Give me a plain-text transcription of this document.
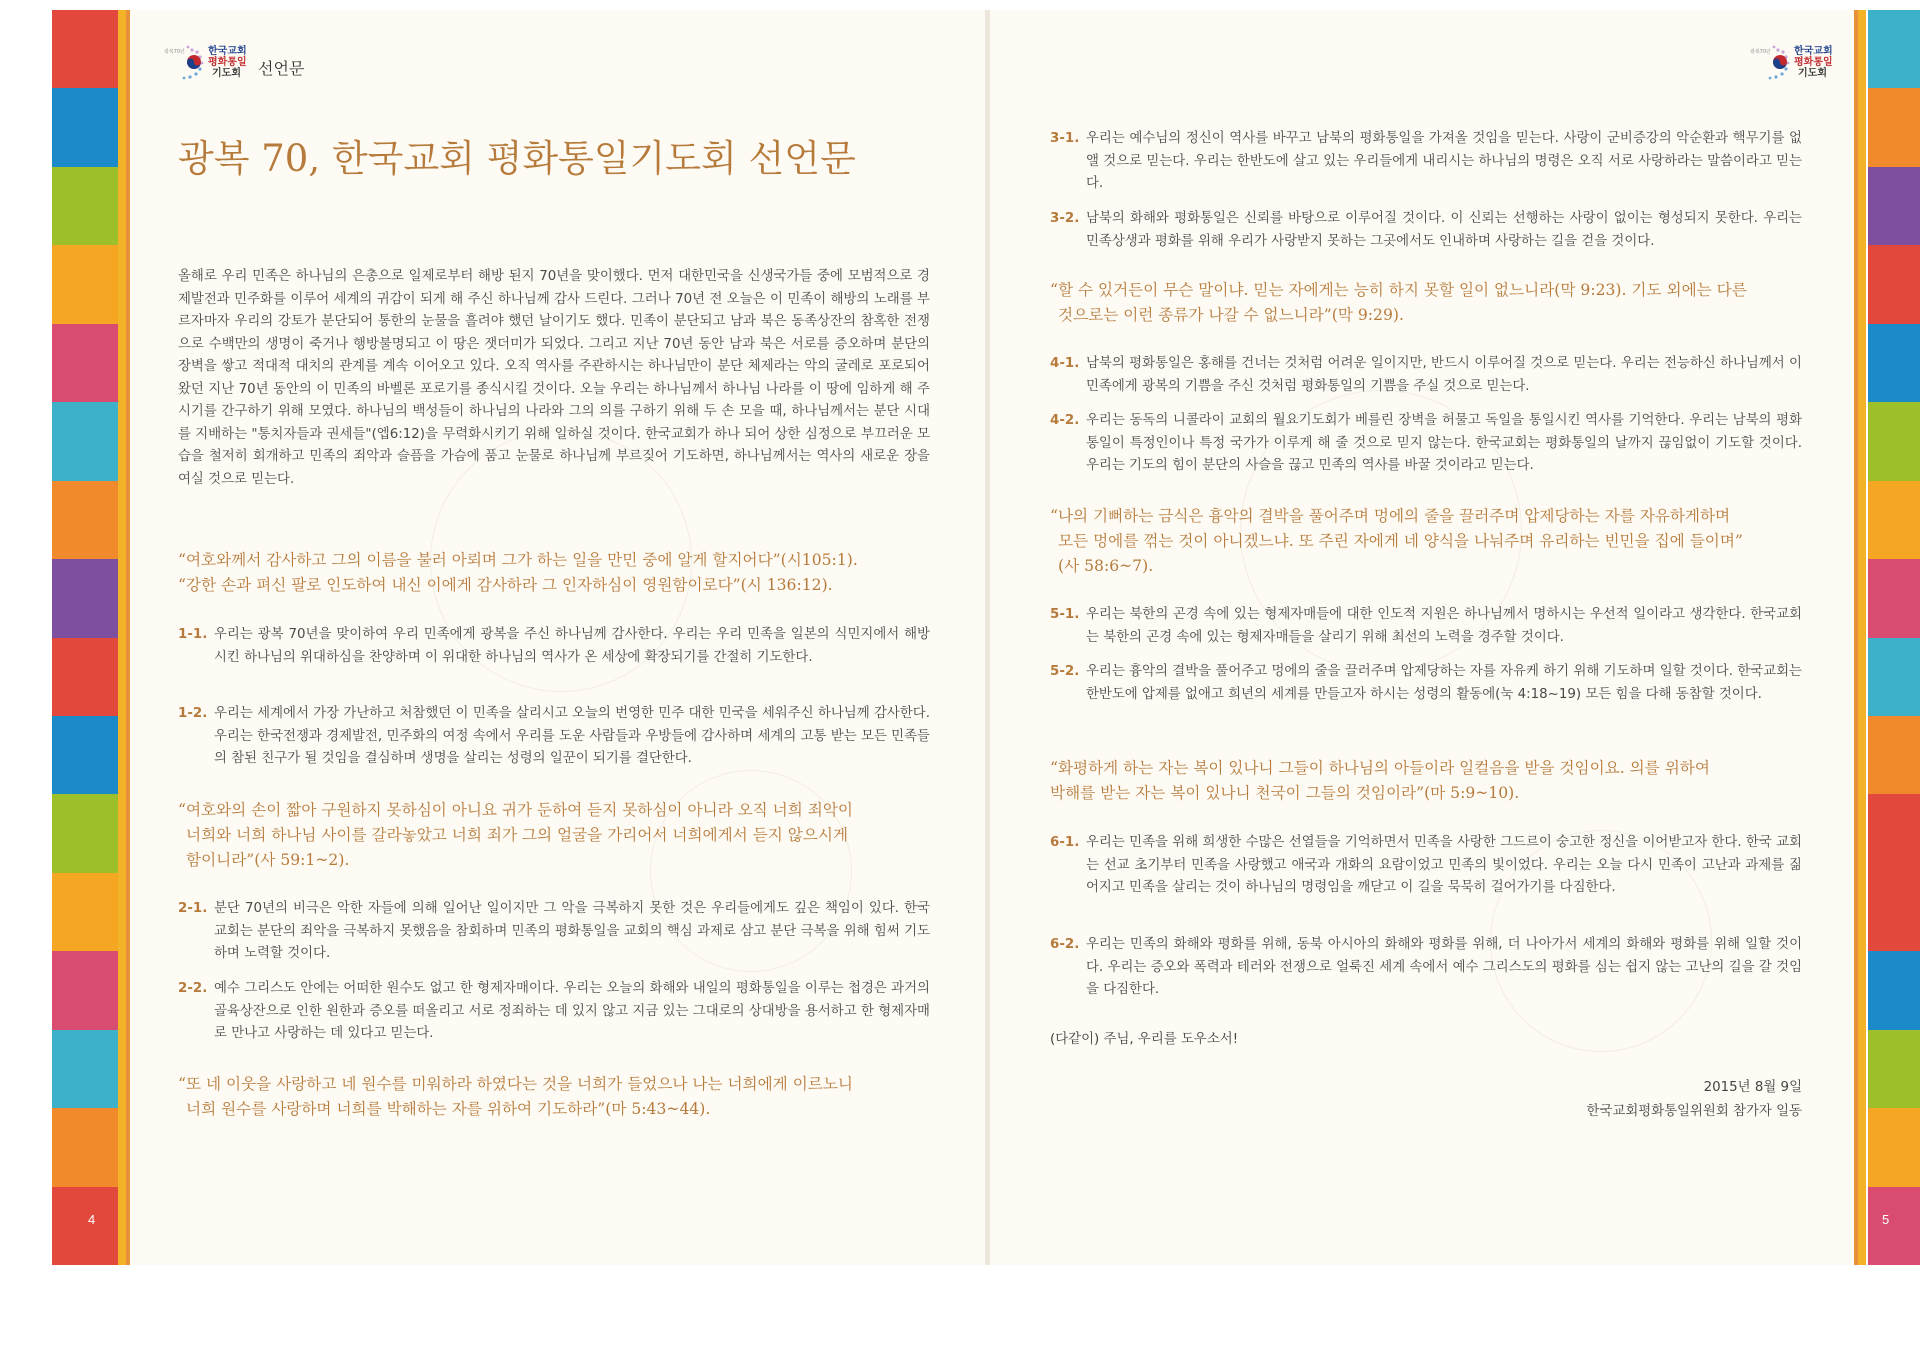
광복70년 한국교회
평화통일
기도회	선언문
광복70년 한국교회
평화통일
기도회
광복 70, 한국교회 평화통일기도회 선언문
올해로 우리 민족은 하나님의 은총으로 일제로부터 해방 된지 70년을 맞이했다. 먼저 대한민국을 신생국가들 중에 모범적으로 경제발전과 민주화를 이루어 세계의 귀감이 되게 해 주신 하나님께 감사 드린다. 그러나 70년 전 오늘은 이 민족이 해방의 노래를 부르자마자 우리의 강토가 분단되어 통한의 눈물을 흘려야 했던 날이기도 했다. 민족이 분단되고 남과 북은 동족상잔의 참혹한 전쟁으로 수백만의 생명이 죽거나 행방불명되고 이 땅은 잿더미가 되었다. 그리고 지난 70년 동안 남과 북은 서로를 증오하며 분단의 장벽을 쌓고 적대적 대치의 관계를 계속 이어오고 있다. 오직 역사를 주관하시는 하나님만이 분단 체제라는 악의 굴레로 포로되어 왔던 지난 70년 동안의 이 민족의 바벨론 포로기를 종식시킬 것이다. 오늘 우리는 하나님께서 하나님 나라를 이 땅에 임하게 해 주시기를 간구하기 위해 모였다. 하나님의 백성들이 하나님의 나라와 그의 의를 구하기 위해 두 손 모을 때, 하나님께서는 분단 시대를 지배하는 "통치자들과 권세들"(엡6:12)을 무력화시키기 위해 일하실 것이다. 한국교회가 하나 되어 상한 심정으로 부끄러운 모습을 철저히 회개하고 민족의 죄악과 슬픔을 가슴에 품고 눈물로 하나님께 부르짖어 기도하면, 하나님께서는 역사의 새로운 장을 여실 것으로 믿는다.
“여호와께서 감사하고 그의 이름을 불러 아뢰며 그가 하는 일을 만민 중에 알게 할지어다”(시105:1).
“강한 손과 펴신 팔로 인도하여 내신 이에게 감사하라 그 인자하심이 영원함이로다”(시 136:12).
1-1. 우리는 광복 70년을 맞이하여 우리 민족에게 광복을 주신 하나님께 감사한다. 우리는 우리 민족을 일본의 식민지에서 해방시킨 하나님의 위대하심을 찬양하며 이 위대한 하나님의 역사가 온 세상에 확장되기를 간절히 기도한다.
1-2. 우리는 세계에서 가장 가난하고 처참했던 이 민족을 살리시고 오늘의 번영한 민주 대한 민국을 세워주신 하나님께 감사한다. 우리는 한국전쟁과 경제발전, 민주화의 여정 속에서 우리를 도운 사람들과 우방들에 감사하며 세계의 고통 받는 모든 민족들의 참된 친구가 될 것임을 결심하며 생명을 살리는 성령의 일꾼이 되기를 결단한다.
“여호와의 손이 짧아 구원하지 못하심이 아니요 귀가 둔하여 듣지 못하심이 아니라 오직 너희 죄악이
너희와 너희 하나님 사이를 갈라놓았고 너희 죄가 그의 얼굴을 가리어서 너희에게서 듣지 않으시게
함이니라”(사 59:1~2).
2-1. 분단 70년의 비극은 악한 자들에 의해 일어난 일이지만 그 악을 극복하지 못한 것은 우리들에게도 깊은 책임이 있다. 한국 교회는 분단의 죄악을 극복하지 못했음을 참회하며 민족의 평화통일을 교회의 핵심 과제로 삼고 분단 극복을 위해 힘써 기도하며 노력할 것이다.
2-2. 예수 그리스도 안에는 어떠한 원수도 없고 한 형제자매이다. 우리는 오늘의 화해와 내일의 평화통일을 이루는 첩경은 과거의 골육상잔으로 인한 원한과 증오를 떠올리고 서로 정죄하는 데 있지 않고 지금 있는 그대로의 상대방을 용서하고 한 형제자매로 만나고 사랑하는 데 있다고 믿는다.
“또 네 이웃을 사랑하고 네 원수를 미워하라 하였다는 것을 너희가 들었으나 나는 너희에게 이르노니
너희 원수를 사랑하며 너희를 박해하는 자를 위하여 기도하라”(마 5:43~44).
4
3-1. 우리는 예수님의 정신이 역사를 바꾸고 남북의 평화통일을 가져올 것임을 믿는다. 사랑이 군비증강의 악순환과 핵무기를 없앨 것으로 믿는다. 우리는 한반도에 살고 있는 우리들에게 내리시는 하나님의 명령은 오직 서로 사랑하라는 말씀이라고 믿는다.
3-2. 남북의 화해와 평화통일은 신뢰를 바탕으로 이루어질 것이다. 이 신뢰는 선행하는 사랑이 없이는 형성되지 못한다. 우리는 민족상생과 평화를 위해 우리가 사랑받지 못하는 그곳에서도 인내하며 사랑하는 길을 걷을 것이다.
“할 수 있거든이 무슨 말이냐. 믿는 자에게는 능히 하지 못할 일이 없느니라(막 9:23). 기도 외에는 다른
것으로는 이런 종류가 나갈 수 없느니라”(막 9:29).
4-1. 남북의 평화통일은 홍해를 건너는 것처럼 어려운 일이지만, 반드시 이루어질 것으로 믿는다. 우리는 전능하신 하나님께서 이 민족에게 광복의 기쁨을 주신 것처럼 평화통일의 기쁨을 주실 것으로 믿는다.
4-2. 우리는 동독의 니콜라이 교회의 월요기도회가 베를린 장벽을 허물고 독일을 통일시킨 역사를 기억한다. 우리는 남북의 평화통일이 특정인이나 특정 국가가 이루게 해 줄 것으로 믿지 않는다. 한국교회는 평화통일의 날까지 끊임없이 기도할 것이다. 우리는 기도의 힘이 분단의 사슬을 끊고 민족의 역사를 바꿀 것이라고 믿는다.
“나의 기뻐하는 금식은 흉악의 결박을 풀어주며 멍에의 줄을 끌러주며 압제당하는 자를 자유하게하며
모든 멍에를 꺾는 것이 아니겠느냐. 또 주린 자에게 네 양식을 나눠주며 유리하는 빈민을 집에 들이며”
(사 58:6~7).
5-1. 우리는 북한의 곤경 속에 있는 형제자매들에 대한 인도적 지원은 하나님께서 명하시는 우선적 일이라고 생각한다. 한국교회는 북한의 곤경 속에 있는 형제자매들을 살리기 위해 최선의 노력을 경주할 것이다.
5-2. 우리는 흉악의 결박을 풀어주고 멍에의 줄을 끌러주며 압제당하는 자를 자유케 하기 위해 기도하며 일할 것이다. 한국교회는 한반도에 압제를 없애고 희년의 세계를 만들고자 하시는 성령의 활동에(눅 4:18~19) 모든 힘을 다해 동참할 것이다.
“화평하게 하는 자는 복이 있나니 그들이 하나님의 아들이라 일컬음을 받을 것임이요. 의를 위하여
박해를 받는 자는 복이 있나니 천국이 그들의 것임이라”(마 5:9~10).
6-1. 우리는 민족을 위해 희생한 수많은 선열들을 기억하면서 민족을 사랑한 그드르이 숭고한 정신을 이어받고자 한다. 한국 교회는 선교 초기부터 민족을 사랑했고 애국과 개화의 요람이었고 민족의 빛이었다. 우리는 오늘 다시 민족이 고난과 과제를 짊어지고 민족을 살리는 것이 하나님의 명령임을 깨닫고 이 길을 묵묵히 걸어가기를 다짐한다.
6-2. 우리는 민족의 화해와 평화를 위해, 동북 아시아의 화해와 평화를 위해, 더 나아가서 세계의 화해와 평화를 위해 일할 것이다. 우리는 증오와 폭력과 테러와 전쟁으로 얼룩진 세계 속에서 예수 그리스도의 평화를 심는 쉽지 않는 고난의 길을 갈 것임을 다짐한다.
(다같이) 주님, 우리를 도우소서!
2015년 8월 9일
한국교회평화통일위원회 참가자 일동
5
